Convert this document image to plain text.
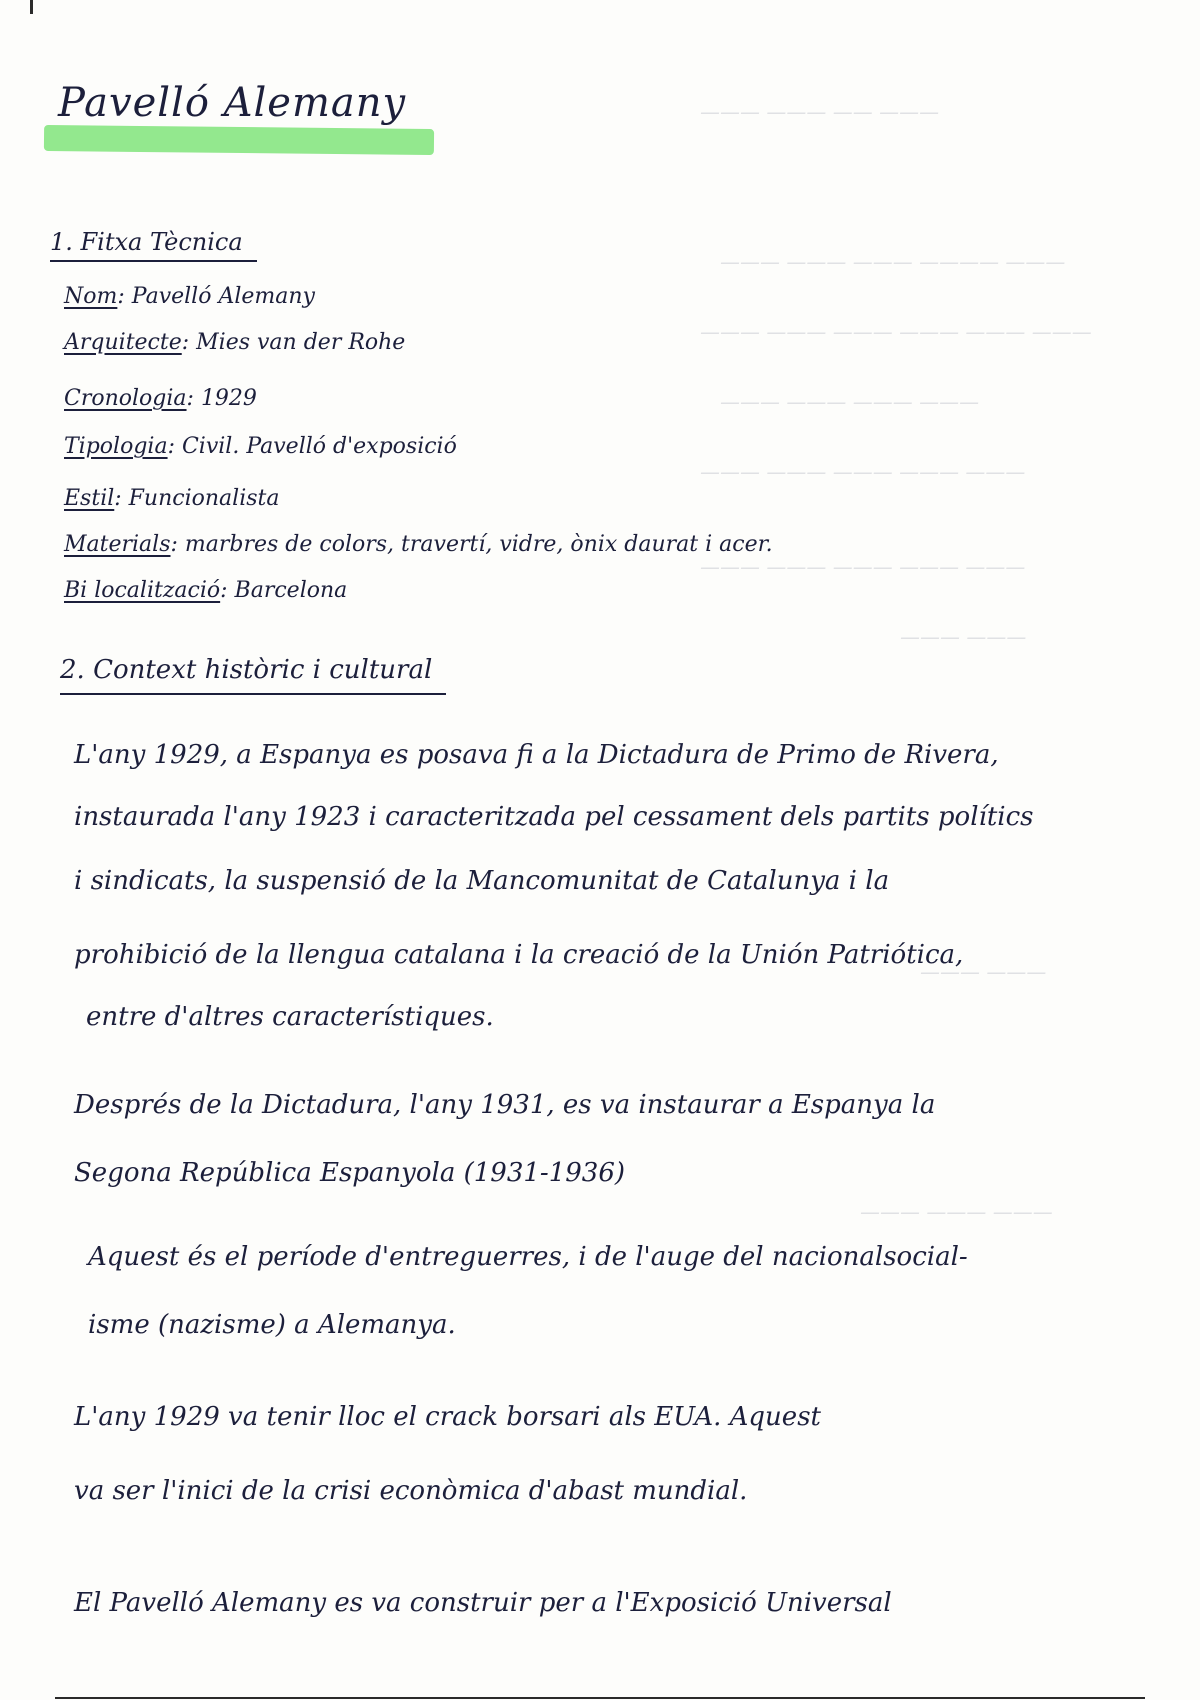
——— ——— —— ———
——— ——— ——— ———— ———
——— ——— ——— ——— ——— ———
——— ——— ——— ———
——— ——— ——— ——— ———
——— ——— ——— ——— ———
——— ———
——— ———
——— ——— ———
Pavelló Alemany
1. Fitxa Tècnica
Nom: Pavelló Alemany
Arquitecte: Mies van der Rohe
Cronologia: 1929
Tipologia: Civil. Pavelló d'exposició
Estil: Funcionalista
Materials: marbres de colors, travertí, vidre, ònix daurat i acer.
Bi localització: Barcelona
2. Context històric i cultural
L'any 1929, a Espanya es posava fi a la Dictadura de Primo de Rivera,
instaurada l'any 1923 i caracteritzada pel cessament dels partits polítics
i sindicats, la suspensió de la Mancomunitat de Catalunya i la
prohibició de la llengua catalana i la creació de la Unión Patriótica,
entre d'altres característiques.
Després de la Dictadura, l'any 1931, es va instaurar a Espanya la
Segona República Espanyola (1931-1936)
Aquest és el període d'entreguerres, i de l'auge del nacionalsocial-
isme (nazisme) a Alemanya.
L'any 1929 va tenir lloc el crack borsari als EUA. Aquest
va ser l'inici de la crisi econòmica d'abast mundial.
El Pavelló Alemany es va construir per a l'Exposició Universal
